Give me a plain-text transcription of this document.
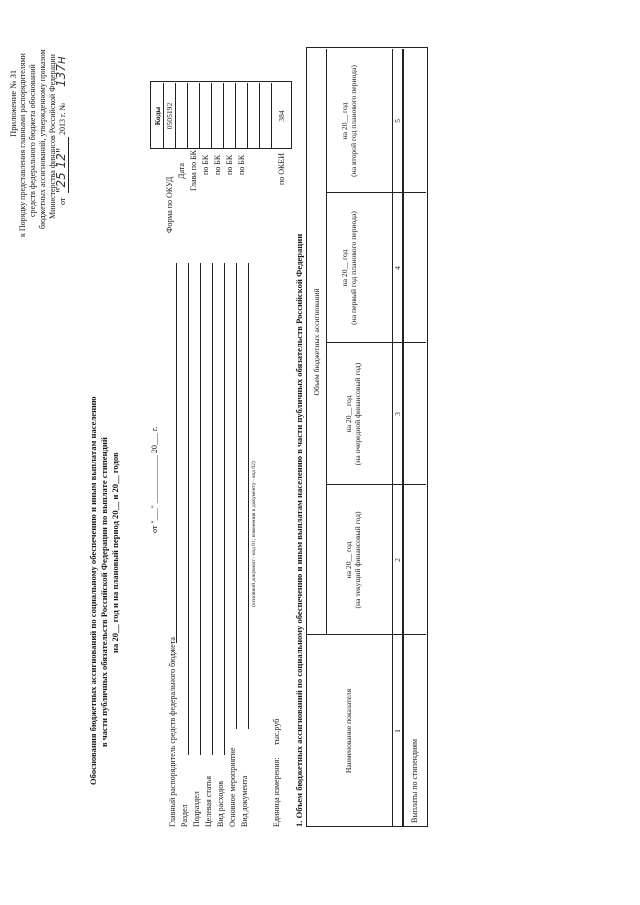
Приложение № 31 к Порядку представления главными распорядителями средств федерального бюджета обоснований бюджетных ассигнований, утвержденному приказом Министерства финансов Российской Федерации от
"25 12"
2013 г. №
137н
Обоснования бюджетных ассигнований по социальному обеспечению и иным выплатам населению в части публичных обязательств Российской Федерации по выплате стипендий на 20__ год и на плановый период 20__ и 20__ годов
Коды
Форма по ОКУД
0505192
Дата Глава по БК по БК по БК по БК по БК	по ОКЕИ
384
от "___" ____________ 20___ г.
Главный распорядитель средств федерального бюджета Раздел Подраздел Целевая статья Вид расходов Основное мероприятие Вид документа
(основной документ - код 01; изменения к документу - код 02)
Единица измерения:
тыс.руб 1. Объем бюджетных ассигнований по социальному обеспечению и иным выплатам населению в части публичных обязательств Российской Федерации	Наименование показателя
Объем бюджетных ассигнований
на 20__ год (на текущий финансовый год)
на 20__ год (на очередной финансовый год)
на 20__ год (на первый год планового периода)
на 20__ год (на второй год планового периода)
1
2
3
4
5
Выплаты по стипендиям
